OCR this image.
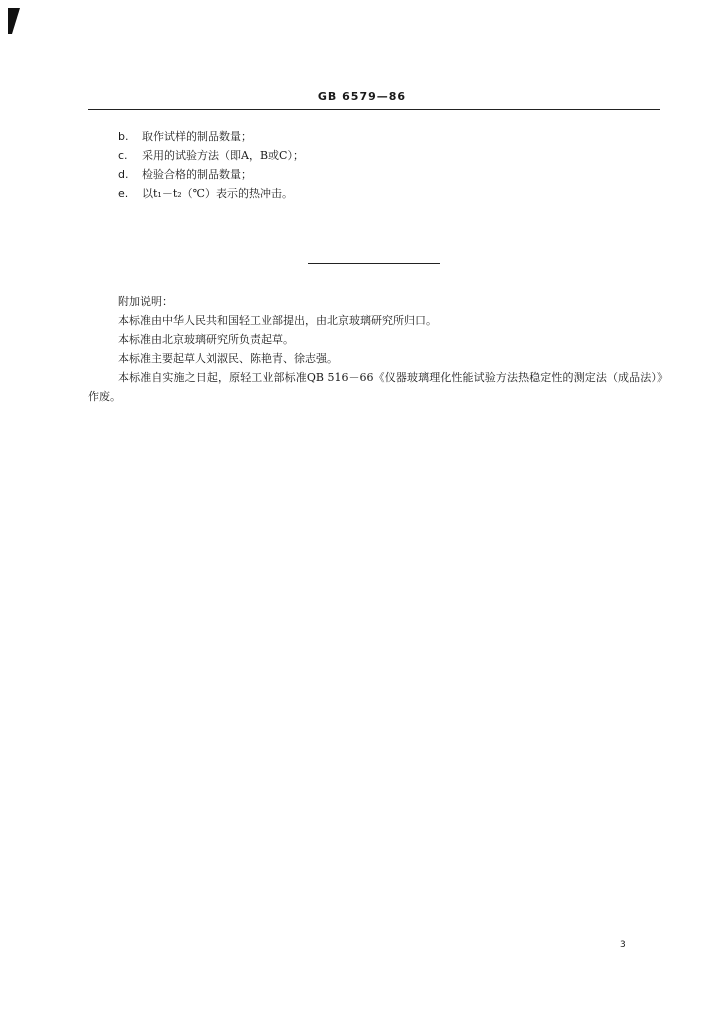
GB 6579—86
b. 取作试样的制品数量；
c. 采用的试验方法（即A，B或C）；
d. 检验合格的制品数量；
e. 以t₁－t₂（℃）表示的热冲击。
附加说明：
本标准由中华人民共和国轻工业部提出，由北京玻璃研究所归口。
本标准由北京玻璃研究所负责起草。
本标准主要起草人刘淑民、陈艳青、徐志强。
本标准自实施之日起，原轻工业部标准QB 516－66《仪器玻璃理化性能试验方法热稳定性的测定法（成品法）》作废。
3
